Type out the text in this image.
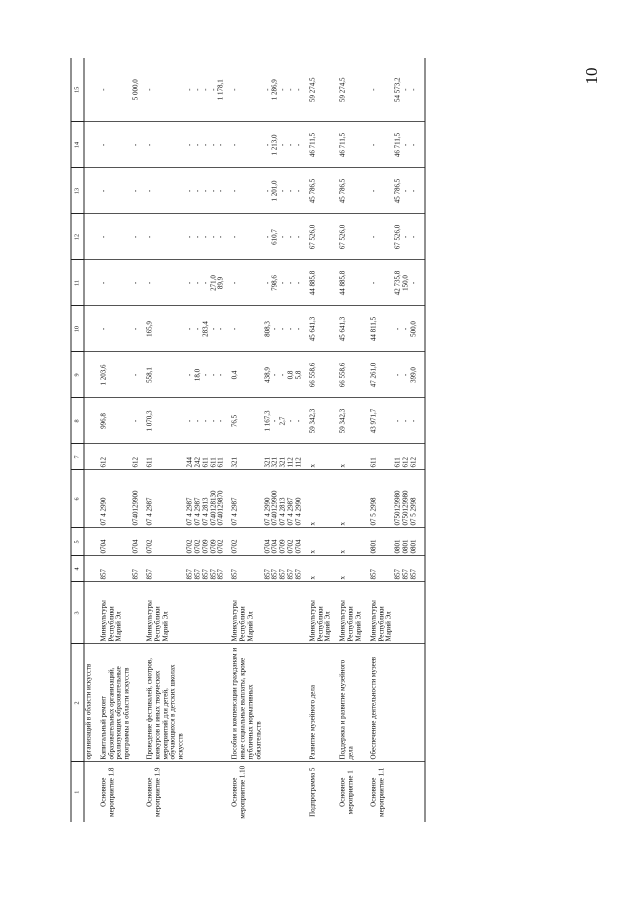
10
1	2	3	4	5	6	7	8	9	10	11	12	13	14	15
	организаций в области искусств													
Основное мероприятие 1.8	Капитальный ремонт образовательных организаций, реализующих образовательные программы в области искусств	Минкультуры Республики Марий Эл	857	0704	07 4 2990	612	996,8	1 203,6	-	-	-	-	-	-
			857	0704	0740129900	612	-	-	-	-	-	-	-	5 000,0
Основное мероприятие 1.9	Проведение фестивалей, смотров, конкурсов и иных творческих мероприятий для детей, обучающихся в детских школах искусств	Минкультуры Республики Марий Эл	857	0702	07 4 2987	611	1 070,3	558,1	165,9	-	-	-	-	-
			857	0702	07 4 2987	244	-	-	-	-	-	-	-	-
			857	0702	07 4 2987	242	-	18,0	-	-	-	-	-	-
			857	0709	07 4 2813	611	-	-	283,4	-	-	-	-	-
			857	0709	0740128130	611	-	-	-	271,0	-	-	-	-
			857	0702	0740129870	611	-	-	-	89,9	-	-	-	1 178,1
Основное мероприятие 1.10	Пособия и компенсации гражданам и иные социальные выплаты, кроме публичных нормативных обязательств	Минкультуры Республики Марий Эл	857	0702	07 4 2987	321	76,5	0,4	-	-	-	-	-	-
			857	0704	07 4 2990	321	1 167,3	438,9	808,3	-	-	-	-	-
			857	0704	0740129900	321	-	-	-	798,6	610,7	1 201,0	1 213,0	1 286,9
			857	0709	07 4 2813	321	2,7	-	-	-	-	-	-	-
			857	0702	07 4 2987	112	-	0,8	-	-	-	-	-	-
			857	0704	07 4 2990	112	-	5,8	-	-	-	-	-	-
Подпрограмма 5	Развитие музейного дела	Минкультуры Республики Марий Эл	х	х	х	х	59 342,3	66 558,6	45 641,3	44 885,8	67 526,0	45 786,5	46 711,5	59 274,5
Основное мероприятие 1	Поддержка и развитие музейного дела	Минкультуры Республики Марий Эл	х	х	х	х	59 342,3	66 558,6	45 641,3	44 885,8	67 526,0	45 786,5	46 711,5	59 274,5
Основное мероприятие 1.1	Обеспечение деятельности музеев	Минкультуры Республики Марий Эл	857	0801	07 5 2998	611	43 971,7	47 261,0	44 811,5	-	-	-	-	-
			857	0801	0750129980	611	-	-	-	42 735,8	67 526,0	45 786,5	46 711,5	54 573,2
			857	0801	0750129980	612	-	-	-	150,0	-	-	-	-
			857	0801	07 5 2998	612	-	399,0	500,0	-	-	-	-	-
